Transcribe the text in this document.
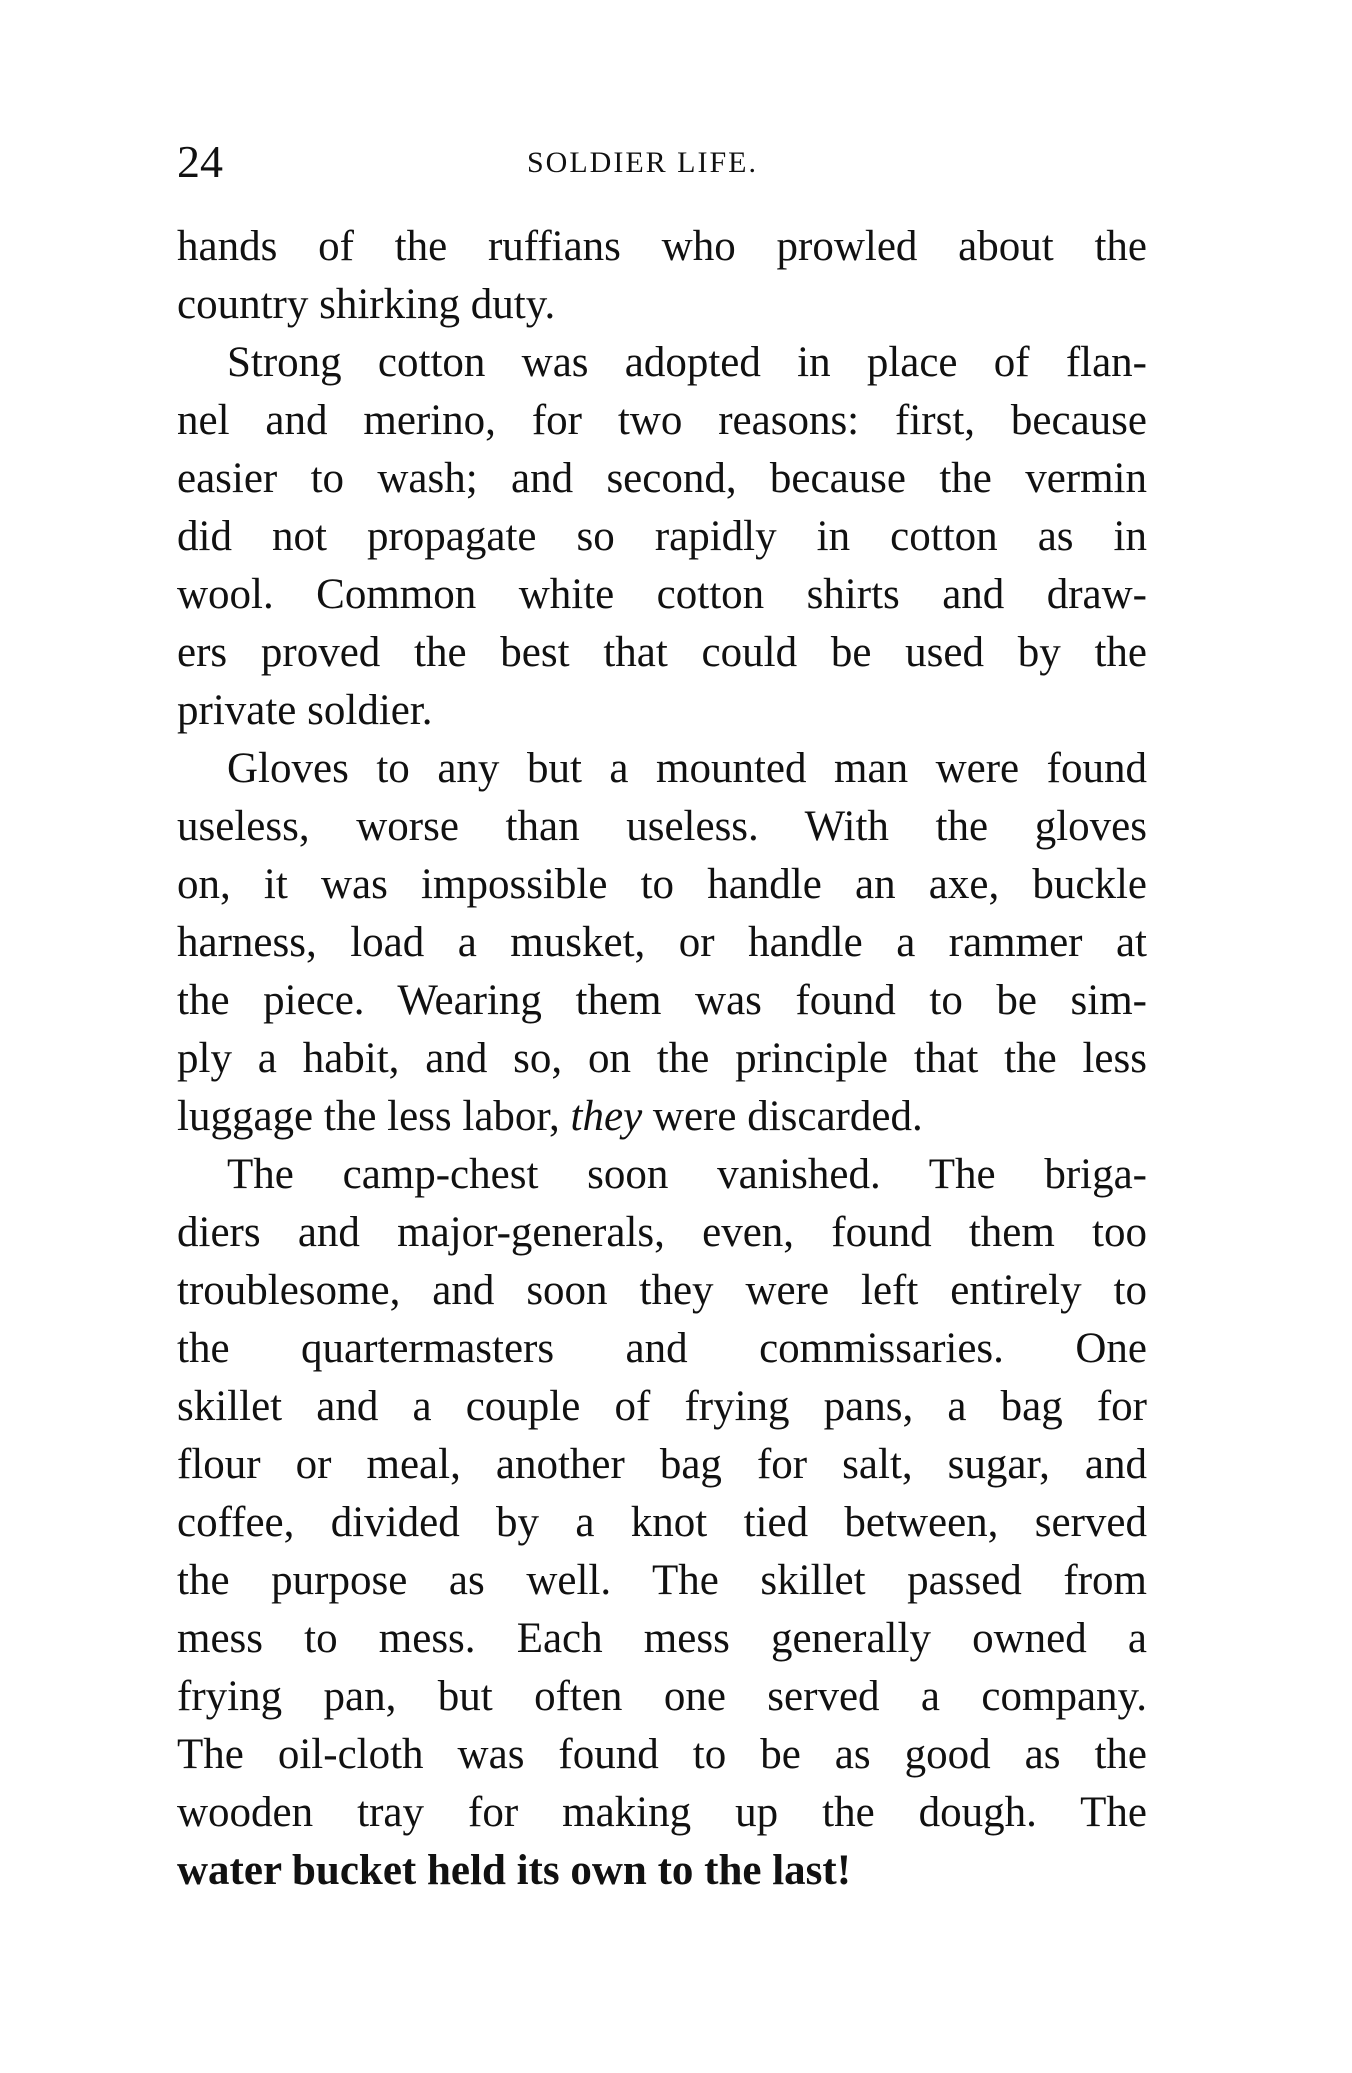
24	SOLDIER LIFE.
hands of the ruffians who prowled about the
country shirking duty.
Strong cotton was adopted in place of flan-
nel and merino, for two reasons: first, because
easier to wash; and second, because the vermin
did not propagate so rapidly in cotton as in
wool. Common white cotton shirts and draw-
ers proved the best that could be used by the
private soldier.
Gloves to any but a mounted man were found
useless, worse than useless. With the gloves
on, it was impossible to handle an axe, buckle
harness, load a musket, or handle a rammer at
the piece. Wearing them was found to be sim-
ply a habit, and so, on the principle that the less
luggage the less labor, they were discarded.
The camp-chest soon vanished. The briga-
diers and major-generals, even, found them too
troublesome, and soon they were left entirely to
the quartermasters and commissaries. One
skillet and a couple of frying pans, a bag for
flour or meal, another bag for salt, sugar, and
coffee, divided by a knot tied between, served
the purpose as well. The skillet passed from
mess to mess. Each mess generally owned a
frying pan, but often one served a company.
The oil-cloth was found to be as good as the
wooden tray for making up the dough. The
water bucket held its own to the last!
